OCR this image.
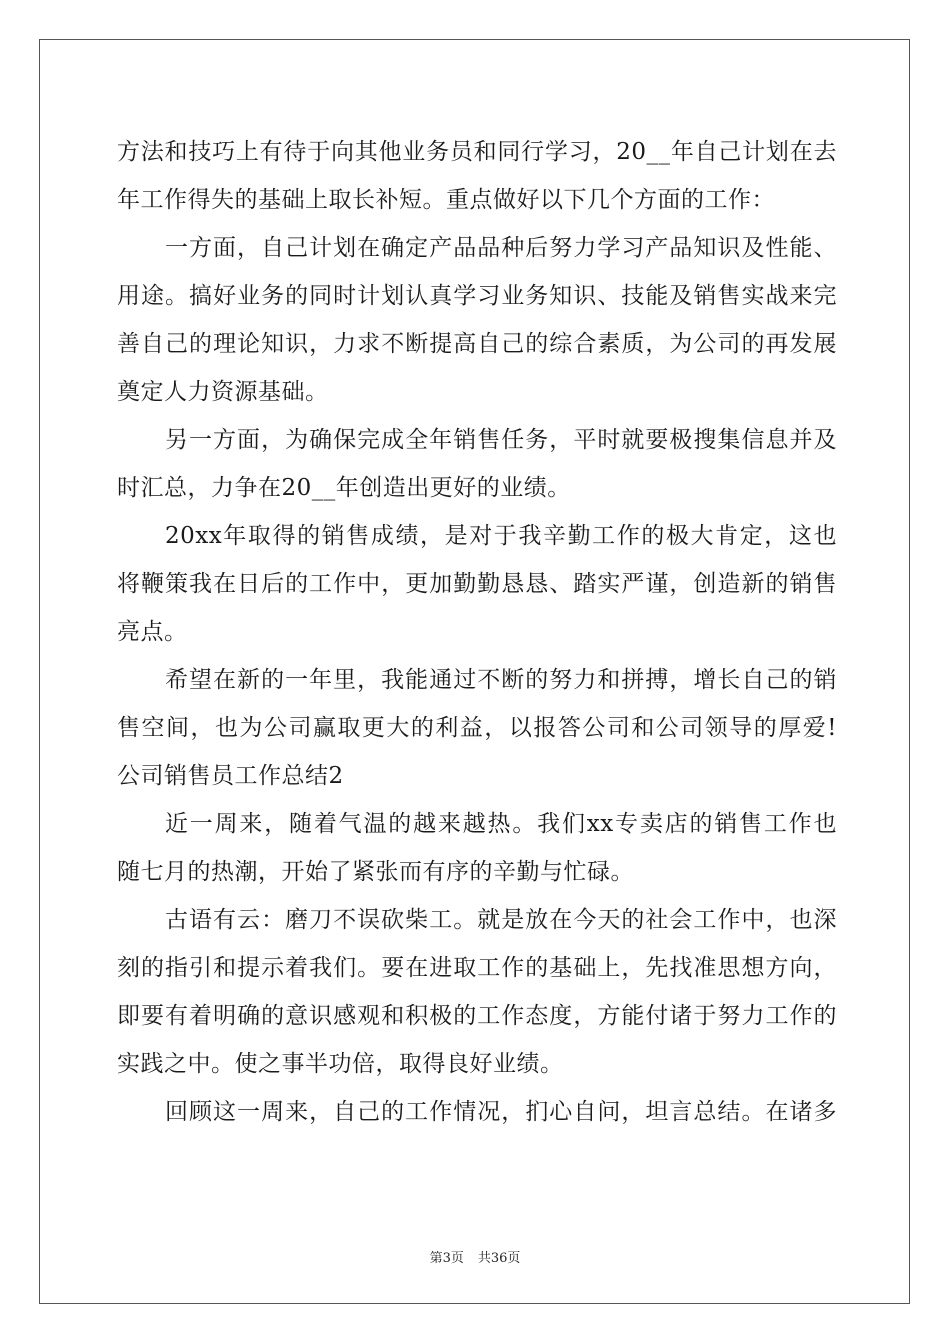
方法和技巧上有待于向其他业务员和同行学习，20__年自己计划在去
年工作得失的基础上取长补短。重点做好以下几个方面的工作：
一方面，自己计划在确定产品品种后努力学习产品知识及性能、
用途。搞好业务的同时计划认真学习业务知识、技能及销售实战来完
善自己的理论知识，力求不断提高自己的综合素质，为公司的再发展
奠定人力资源基础。
另一方面，为确保完成全年销售任务，平时就要极搜集信息并及
时汇总，力争在20__年创造出更好的业绩。
20xx年取得的销售成绩，是对于我辛勤工作的极大肯定，这也
将鞭策我在日后的工作中，更加勤勤恳恳、踏实严谨，创造新的销售
亮点。
希望在新的一年里，我能通过不断的努力和拼搏，增长自己的销
售空间，也为公司赢取更大的利益，以报答公司和公司领导的厚爱!
公司销售员工作总结2
近一周来，随着气温的越来越热。我们xx专卖店的销售工作也
随七月的热潮，开始了紧张而有序的辛勤与忙碌。
古语有云：磨刀不误砍柴工。就是放在今天的社会工作中，也深
刻的指引和提示着我们。要在进取工作的基础上，先找准思想方向，
即要有着明确的意识感观和积极的工作态度，方能付诸于努力工作的
实践之中。使之事半功倍，取得良好业绩。
回顾这一周来，自己的工作情况，扪心自问，坦言总结。在诸多
第3页 共36页
